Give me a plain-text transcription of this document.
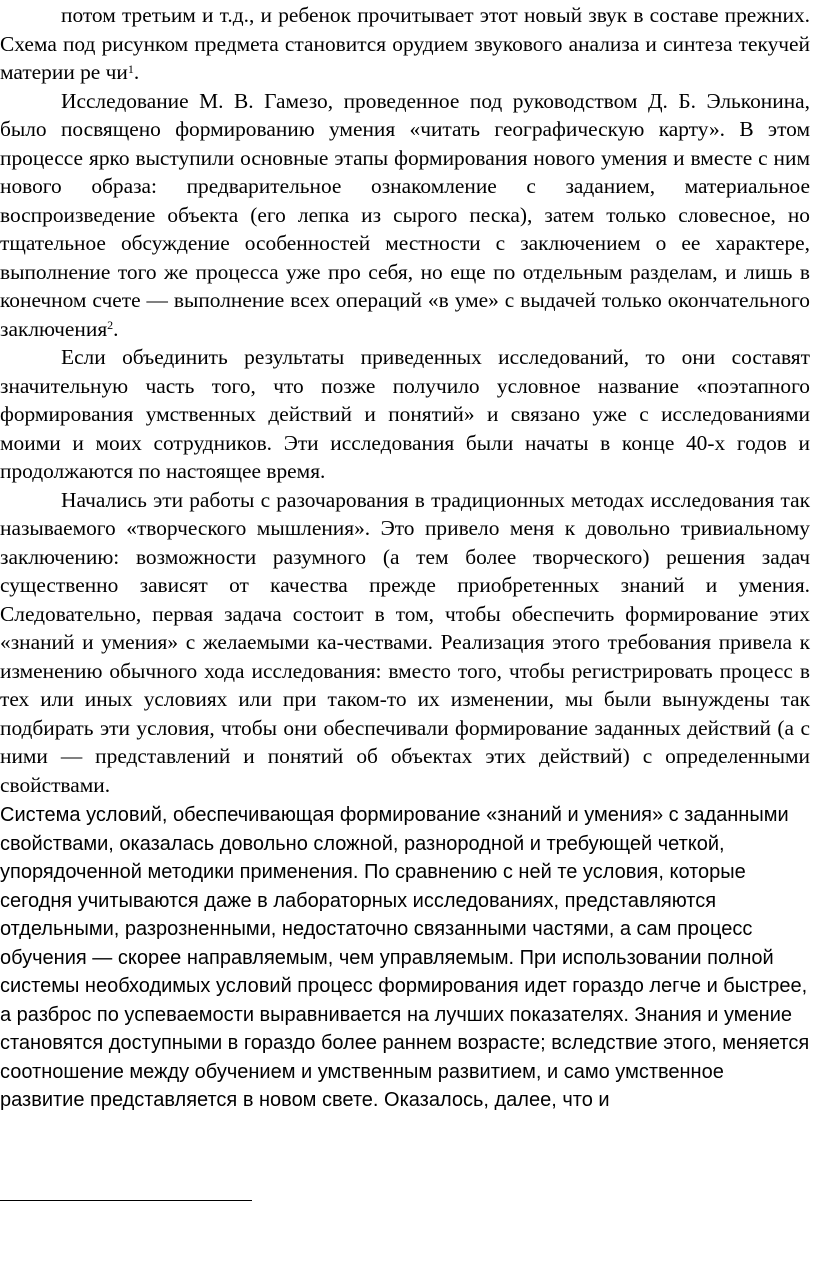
потом третьим и т.д., и ребенок прочитывает этот новый звук в составе прежних. Схема под рисунком предмета становится орудием звукового анализа и синтеза текучей материи ре $чи^1$.

Исследование М. В. Гамезо, проведенное под руководством Д. Б. Эльконина, было посвящено формированию умения «читать географическую карту». В этом процессе ярко выступили основные этапы формирования нового умения и вместе с ним нового образа: предварительное ознакомление с заданием, материальное воспроизведение объекта (его лепка из сырого песка), затем только словесное, но тщательное обсуждение особенностей местности с заключением о ее характере, выполнение того же процесса уже про себя, но еще по отдельным разделам, и лишь в конечном счете — выполнение всех операций «в уме» с выдачей только окончательного заключения$^2$.

Если объединить результаты приведенных исследований, то они составят значительную часть того, что позже получило условное название «поэтапного формирования умственных действий и понятий» и связано уже с исследованиями моими и моих сотрудников. Эти исследования были начаты в конце 40-х годов и продолжаются по настоящее время.

Начались эти работы с разочарования в традиционных методах исследования так называемого «творческого мышления». Это привело меня к довольно тривиальному заключению: возможности разумного (а тем более творческого) решения задач существенно зависят от качества прежде приобретенных знаний и умения. Следовательно, первая задача состоит в том, чтобы обеспечить формирование этих «знаний и умения» с желаемыми ка-чествами. Реализация этого требования привела к изменению обычного хода исследования: вместо того, чтобы регистрировать процесс в тех или иных условиях или при таком-то их изменении, мы были вынуждены так подбирать эти условия, чтобы они обеспечивали формирование заданных действий (а с ними — представлений и понятий об объектах этих действий) с определенными свойствами.

Система условий, обеспечивающая формирование «знаний и умения» с заданными свойствами, оказалась довольно сложной, разнородной и требующей четкой, упорядоченной методики применения. По сравнению с ней те условия, которые сегодня учитываются даже в лабораторных исследованиях, представляются отдельными, разрозненными, недостаточно связанными частями, а сам процесс обучения — скорее направляемым, чем управляемым. При использовании полной системы необходимых условий процесс формирования идет гораздо легче и быстрее, а разброс по успеваемости выравнивается на лучших показателях. Знания и умение становятся доступными в гораздо более раннем возрасте; вследствие этого, меняется соотношение между обучением и умственным развитием, и само умственное развитие представляется в новом свете. Оказалось, далее, что и
